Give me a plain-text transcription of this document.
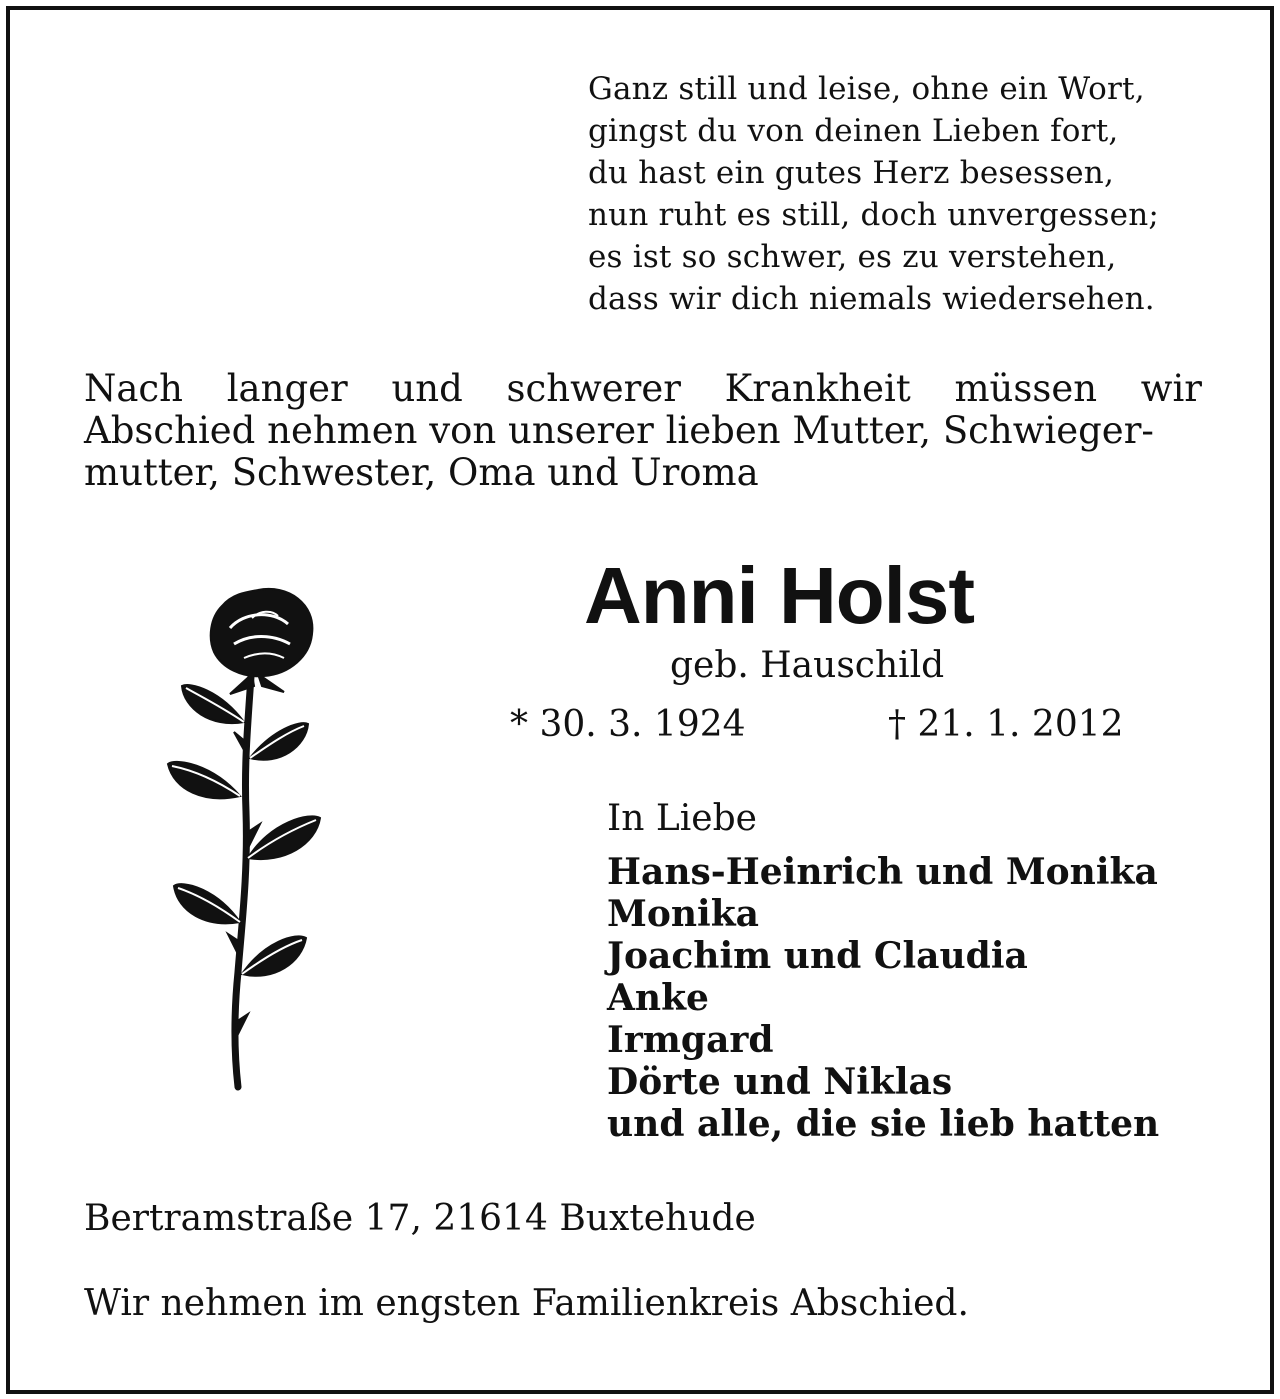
Ganz still und leise, ohne ein Wort,
gingst du von deinen Lieben fort,
du hast ein gutes Herz besessen,
nun ruht es still, doch unvergessen;
es ist so schwer, es zu verstehen,
dass wir dich niemals wiedersehen.
Nach langer und schwerer Krankheit müssen wir
Abschied nehmen von unserer lieben Mutter, Schwieger-
mutter, Schwester, Oma und Uroma
Anni Holst
geb. Hauschild
* 30. 3. 1924	† 21. 1. 2012
In Liebe
Hans-Heinrich und Monika
Monika
Joachim und Claudia
Anke
Irmgard
Dörte und Niklas
und alle, die sie lieb hatten
Bertramstraße 17, 21614 Buxtehude
Wir nehmen im engsten Familienkreis Abschied.
